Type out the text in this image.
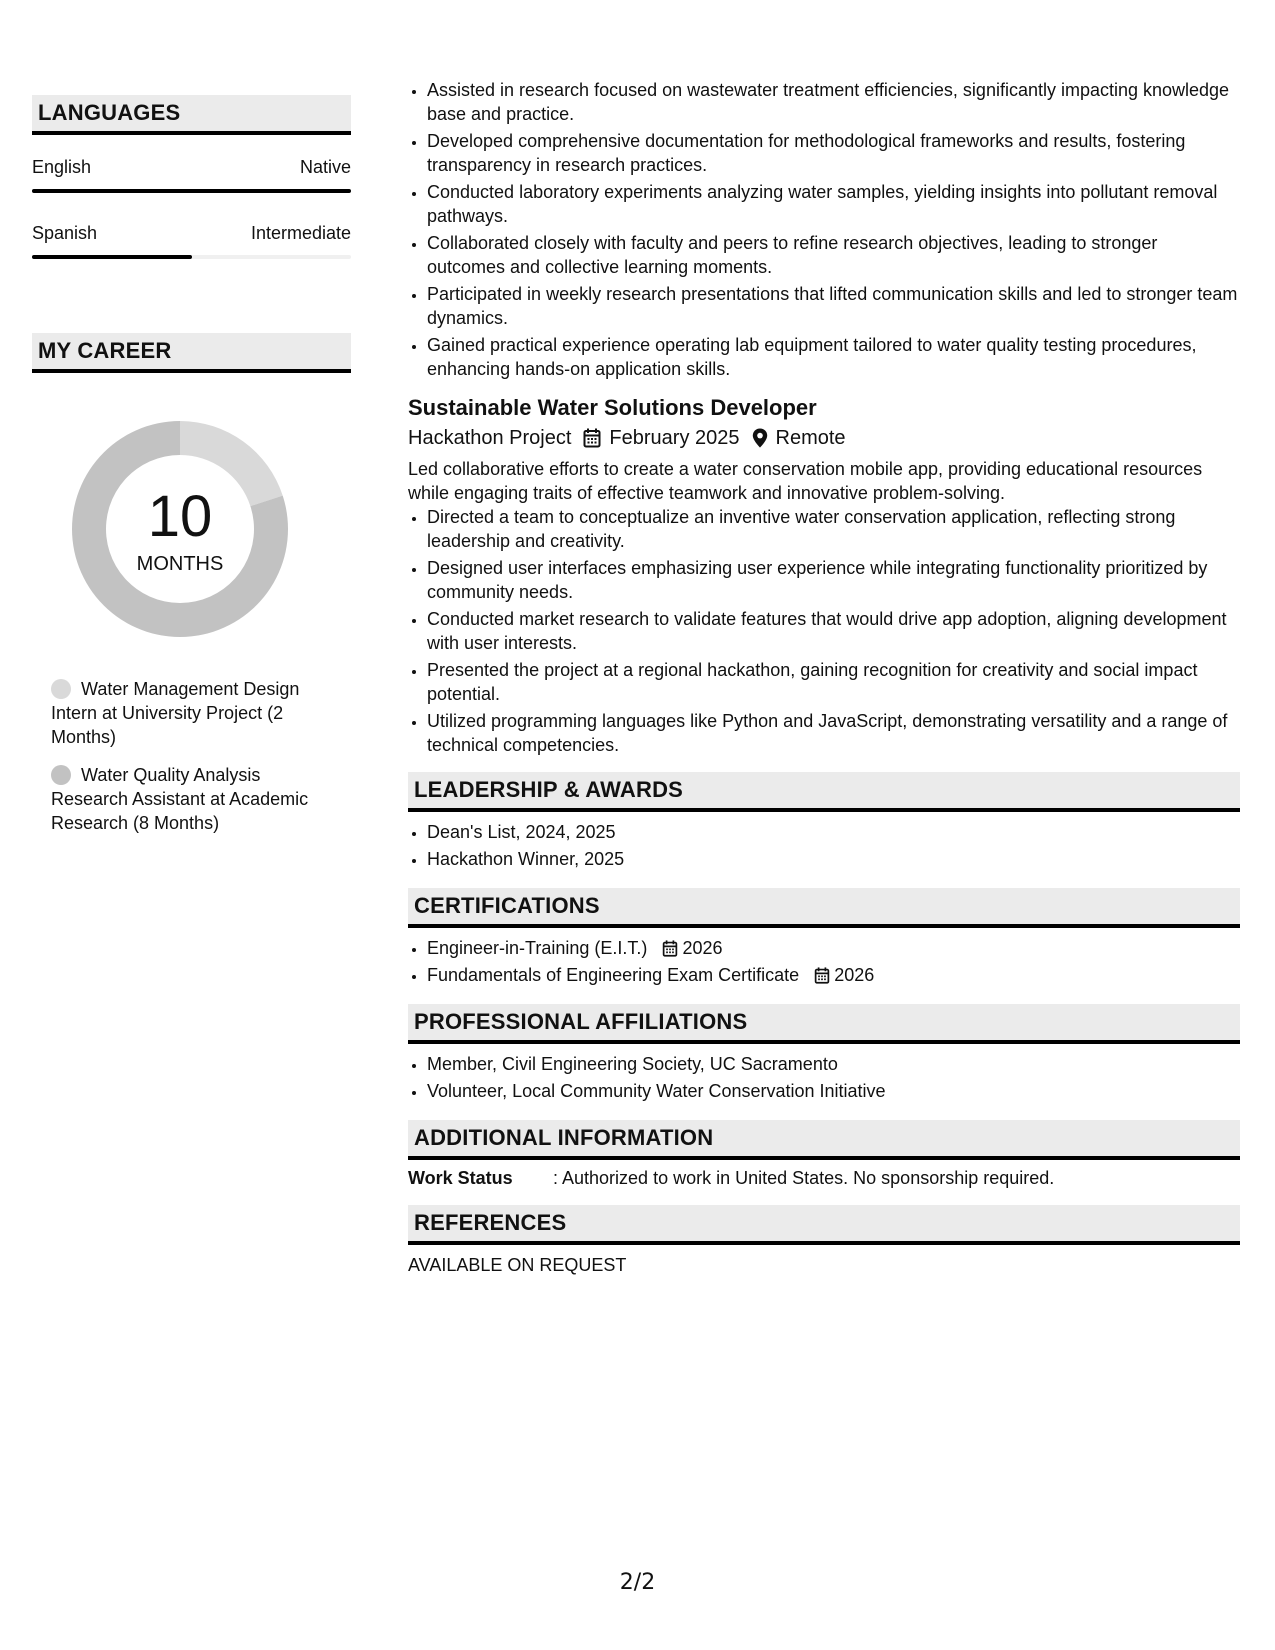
LANGUAGES
English	Native
Spanish	Intermediate
MY CAREER
10
MONTHS
Water Management Design Intern at University Project (2 Months)
Water Quality Analysis Research Assistant at Academic Research (8 Months)
• Assisted in research focused on wastewater treatment efficiencies, significantly impacting knowledge base and practice.
• Developed comprehensive documentation for methodological frameworks and results, fostering transparency in research practices.
• Conducted laboratory experiments analyzing water samples, yielding insights into pollutant removal pathways.
• Collaborated closely with faculty and peers to refine research objectives, leading to stronger outcomes and collective learning moments.
• Participated in weekly research presentations that lifted communication skills and led to stronger team dynamics.
• Gained practical experience operating lab equipment tailored to water quality testing procedures, enhancing hands-on application skills.
Sustainable Water Solutions Developer
Hackathon Project February 2025 Remote
Led collaborative efforts to create a water conservation mobile app, providing educational resources while engaging traits of effective teamwork and innovative problem-solving.
• Directed a team to conceptualize an inventive water conservation application, reflecting strong leadership and creativity.
• Designed user interfaces emphasizing user experience while integrating functionality prioritized by community needs.
• Conducted market research to validate features that would drive app adoption, aligning development with user interests.
• Presented the project at a regional hackathon, gaining recognition for creativity and social impact potential.
• Utilized programming languages like Python and JavaScript, demonstrating versatility and a range of technical competencies.
LEADERSHIP & AWARDS
• Dean's List, 2024, 2025
• Hackathon Winner, 2025
CERTIFICATIONS
• Engineer-in-Training (E.I.T.) 2026
• Fundamentals of Engineering Exam Certificate 2026
PROFESSIONAL AFFILIATIONS
• Member, Civil Engineering Society, UC Sacramento
• Volunteer, Local Community Water Conservation Initiative
ADDITIONAL INFORMATION
Work Status	: Authorized to work in United States. No sponsorship required.
REFERENCES
AVAILABLE ON REQUEST
2/2
